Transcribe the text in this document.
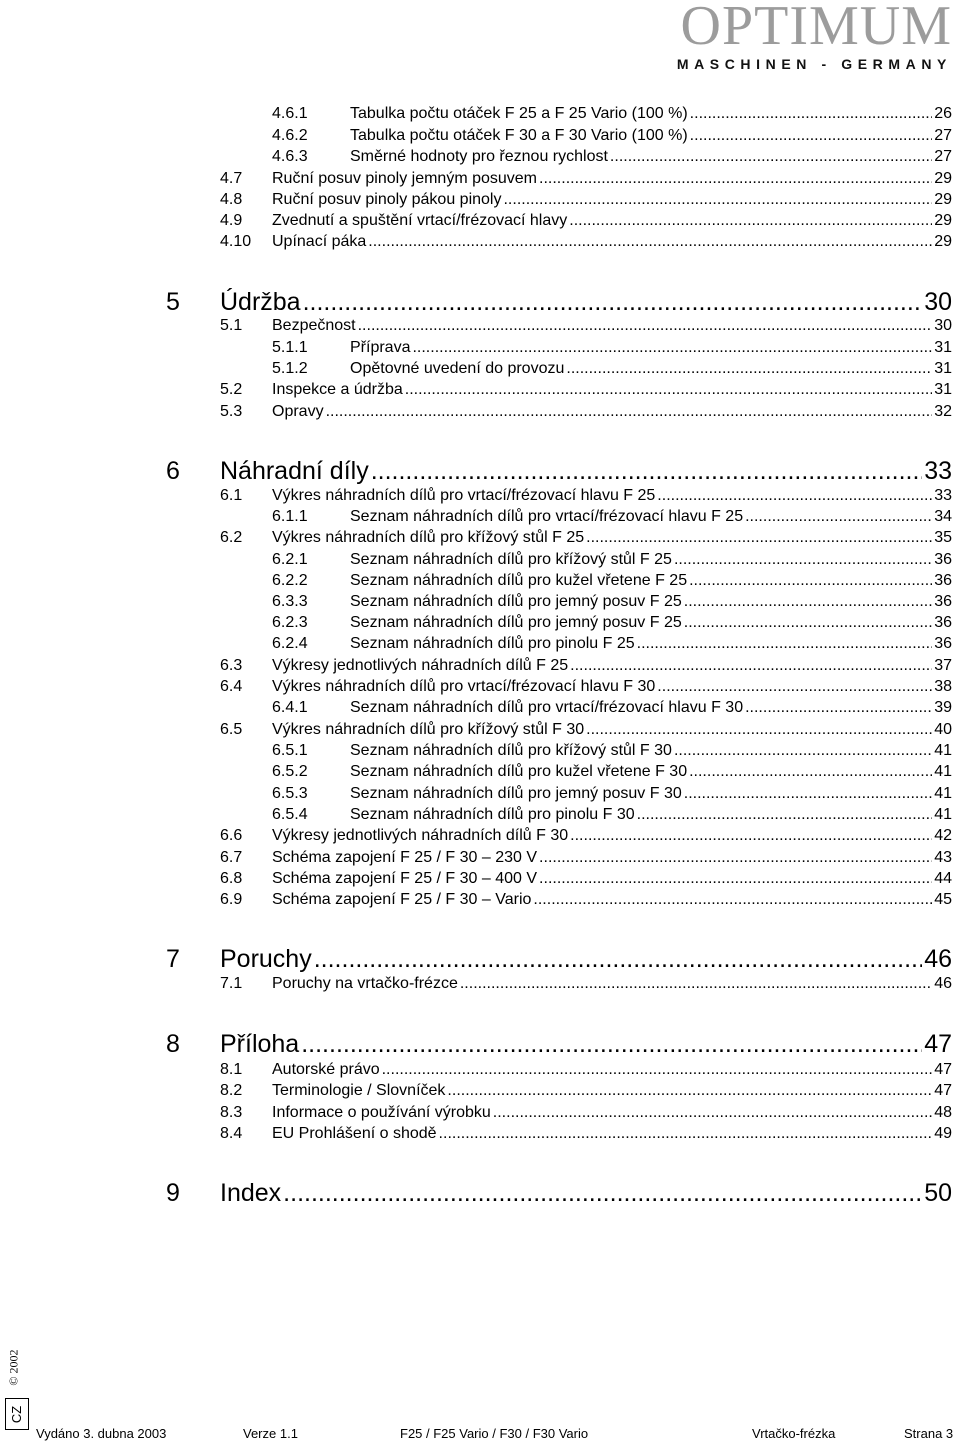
OPTIMUM
MASCHINEN - GERMANY
4.6.1	Tabulka počtu otáček F 25 a F 25 Vario (100 %) .....	26
4.6.2	Tabulka počtu otáček F 30 a F 30 Vario (100 %) .....	27
4.6.3	Směrné hodnoty pro řeznou rychlost .....	27
4.7	Ruční posuv pinoly jemným posuvem .....	29
4.8	Ruční posuv pinoly pákou pinoly .....	29
4.9	Zvednutí a spuštění vrtací/frézovací hlavy .....	29
4.10	Upínací páka .....	29
5	Údržba .....	30
5.1	Bezpečnost .....	30
5.1.1	Příprava .....	31
5.1.2	Opětovné uvedení do provozu .....	31
5.2	Inspekce a údržba .....	31
5.3	Opravy .....	32
6	Náhradní díly .....	33
6.1	Výkres náhradních dílů pro vrtací/frézovací hlavu F 25 .....	33
6.1.1	Seznam náhradních dílů pro vrtací/frézovací hlavu F 25 .....	34
6.2	Výkres náhradních dílů pro křížový stůl F 25 .....	35
6.2.1	Seznam náhradních dílů pro křížový stůl F 25 .....	36
6.2.2	Seznam náhradních dílů pro kužel vřetene F 25 .....	36
6.3.3	Seznam náhradních dílů pro jemný posuv F 25 .....	36
6.2.3	Seznam náhradních dílů pro jemný posuv F 25 .....	36
6.2.4	Seznam náhradních dílů pro pinolu F 25 .....	36
6.3	Výkresy jednotlivých náhradních dílů F 25 .....	37
6.4	Výkres náhradních dílů pro vrtací/frézovací hlavu F 30 .....	38
6.4.1	Seznam náhradních dílů pro vrtací/frézovací hlavu F 30 .....	39
6.5	Výkres náhradních dílů pro křížový stůl F 30 .....	40
6.5.1	Seznam náhradních dílů pro křížový stůl F 30 .....	41
6.5.2	Seznam náhradních dílů pro kužel vřetene F 30 .....	41
6.5.3	Seznam náhradních dílů pro jemný posuv F 30 .....	41
6.5.4	Seznam náhradních dílů pro pinolu F 30 .....	41
6.6	Výkresy jednotlivých náhradních dílů F 30 .....	42
6.7	Schéma zapojení F 25 / F 30 – 230 V .....	43
6.8	Schéma zapojení F 25 / F 30 – 400 V .....	44
6.9	Schéma zapojení F 25 / F 30 – Vario .....	45
7	Poruchy .....	46
7.1	Poruchy na vrtačko-frézce .....	46
8	Příloha .....	47
8.1	Autorské právo .....	47
8.2	Terminologie / Slovníček .....	47
8.3	Informace o používání výrobku .....	48
8.4	EU Prohlášení o shodě .....	49
9	Index .....	50
© 2002
CZ
Vydáno 3. dubna 2003	Verze 1.1	F25 / F25 Vario / F30 / F30 Vario	Vrtačko-frézka	Strana 3
